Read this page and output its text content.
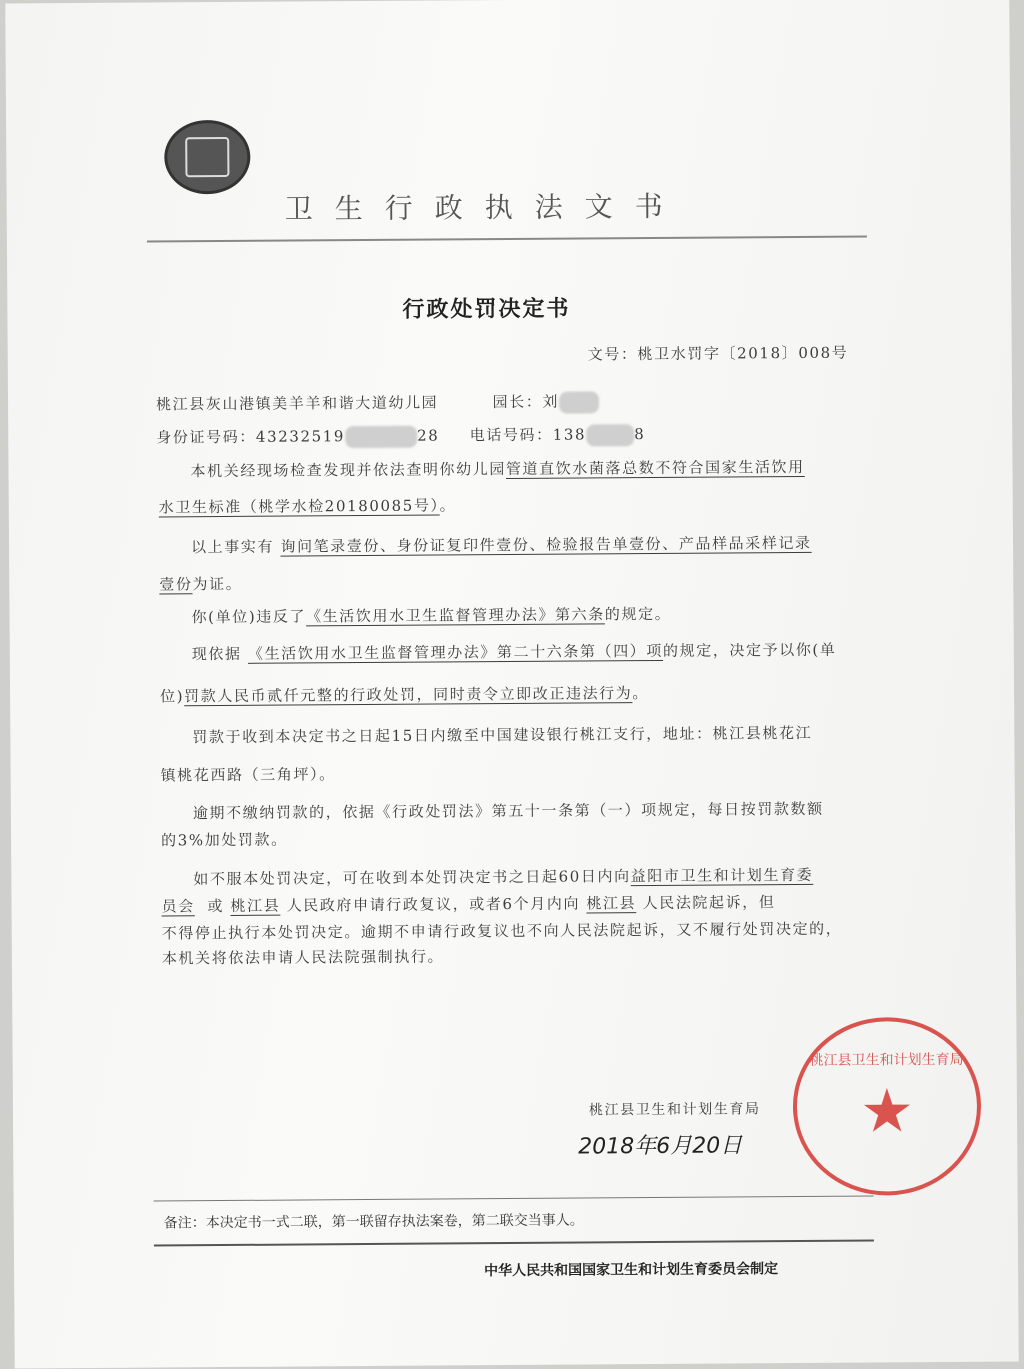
卫生行政执法文书
行政处罚决定书
文号：桃卫水罚字〔2018〕008号
桃江县灰山港镇美羊羊和谐大道幼儿园	园长：刘
身份证号码：43232519	28 电话号码：138	8
本机关经现场检查发现并依法查明你幼儿园管道直饮水菌落总数不符合国家生活饮用
水卫生标准（桃学水检20180085号）。
以上事实有 询问笔录壹份、身份证复印件壹份、检验报告单壹份、产品样品采样记录
壹份为证。
你(单位)违反了《生活饮用水卫生监督管理办法》第六条的规定。
现依据 《生活饮用水卫生监督管理办法》第二十六条第（四）项的规定，决定予以你(单
位)罚款人民币贰仟元整的行政处罚，同时责令立即改正违法行为。
罚款于收到本决定书之日起15日内缴至中国建设银行桃江支行，地址：桃江县桃花江
镇桃花西路（三角坪）。
逾期不缴纳罚款的，依据《行政处罚法》第五十一条第（一）项规定，每日按罚款数额
的3%加处罚款。
如不服本处罚决定，可在收到本处罚决定书之日起60日内向益阳市卫生和计划生育委
员会 或 桃江县 人民政府申请行政复议，或者6个月内向 桃江县 人民法院起诉，但
不得停止执行本处罚决定。逾期不申请行政复议也不向人民法院起诉，又不履行处罚决定的，
本机关将依法申请人民法院强制执行。
桃江县卫生和计划生育局
★
桃江县卫生和计划生育局
2018年6月20日
备注：本决定书一式二联，第一联留存执法案卷，第二联交当事人。
中华人民共和国国家卫生和计划生育委员会制定
